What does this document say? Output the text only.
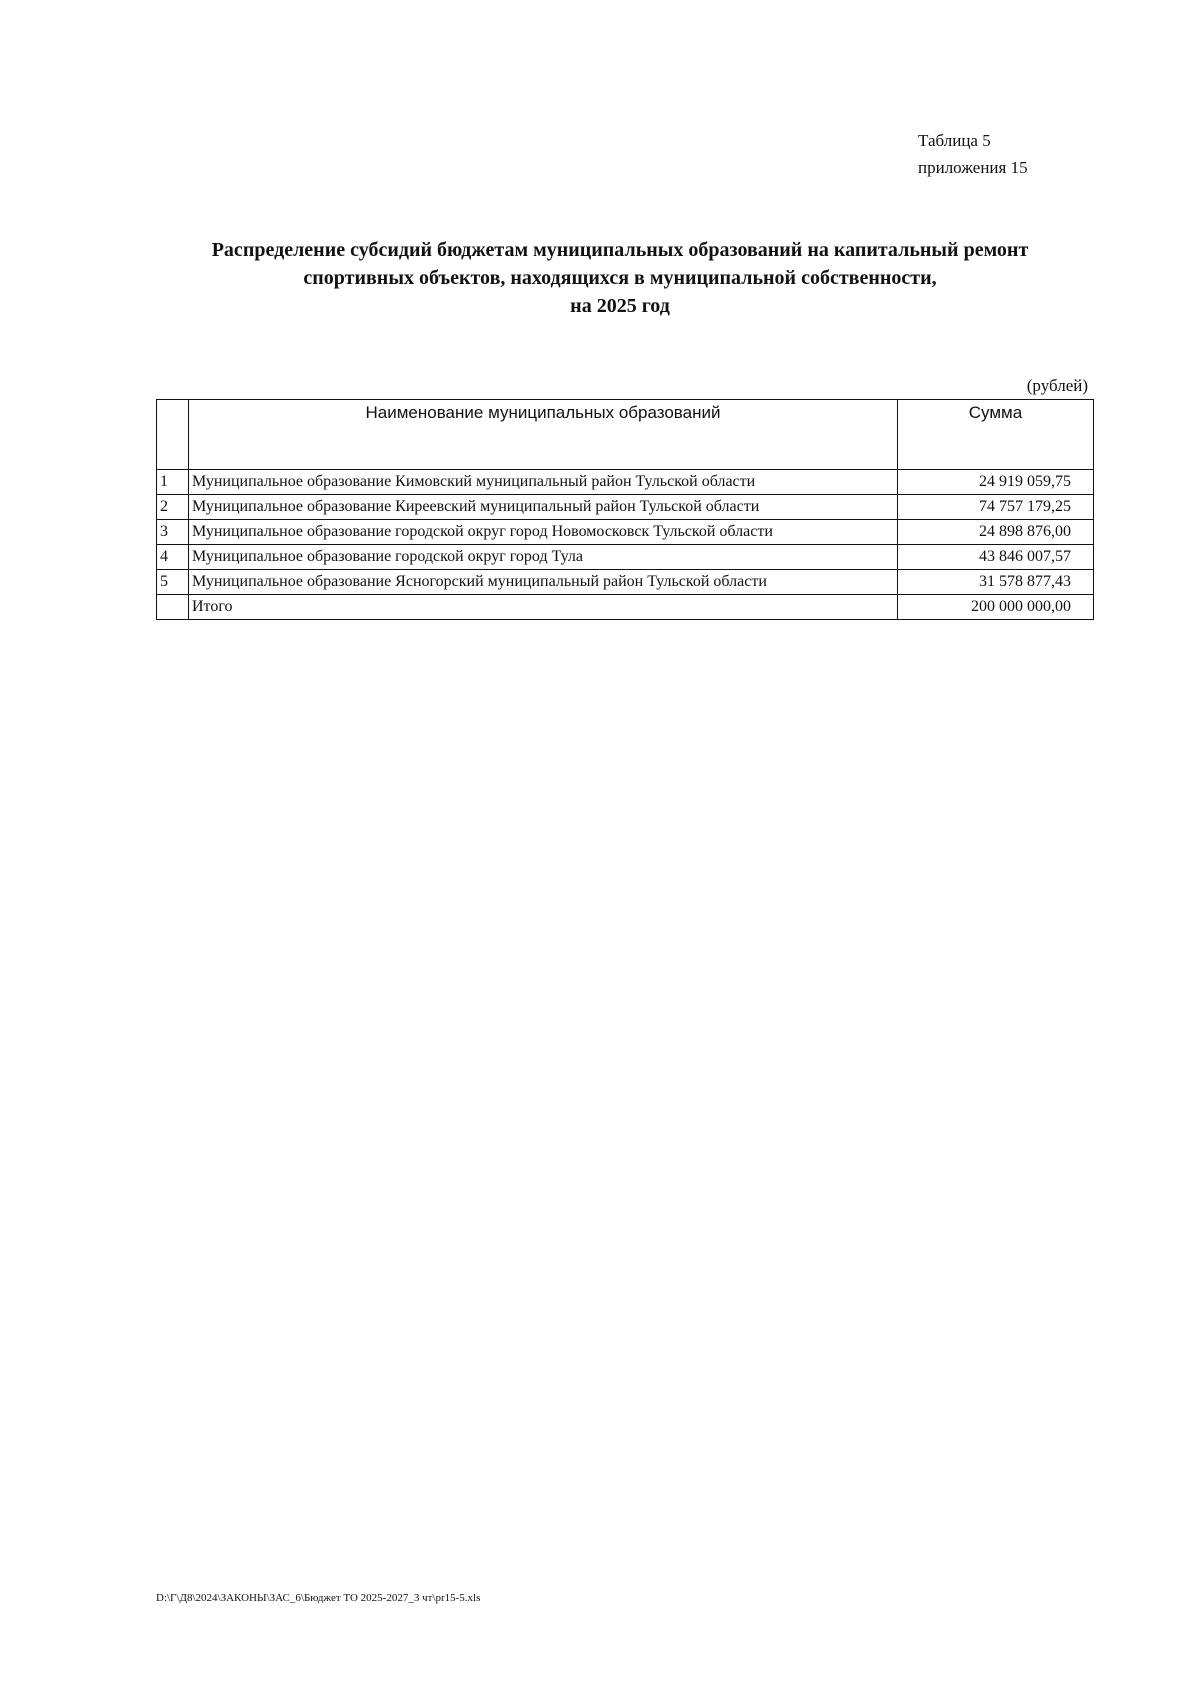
Таблица 5
приложения 15
Распределение субсидий бюджетам муниципальных образований на капитальный ремонт
спортивных объектов, находящихся в муниципальной собственности,
на 2025 год
(рублей)
	Наименование муниципальных образований	Сумма
1	Муниципальное образование Кимовский муниципальный район Тульской области	24 919 059,75
2	Муниципальное образование Киреевский муниципальный район Тульской области	74 757 179,25
3	Муниципальное образование городской округ город Новомосковск Тульской области	24 898 876,00
4	Муниципальное образование городской округ город Тула	43 846 007,57
5	Муниципальное образование Ясногорский муниципальный район Тульской области	31 578 877,43
	Итого	200 000 000,00
D:\Г\Д8\2024\ЗАКОНЫ\ЗАС_6\Бюджет ТО 2025-2027_3 чт\pr15-5.xls
